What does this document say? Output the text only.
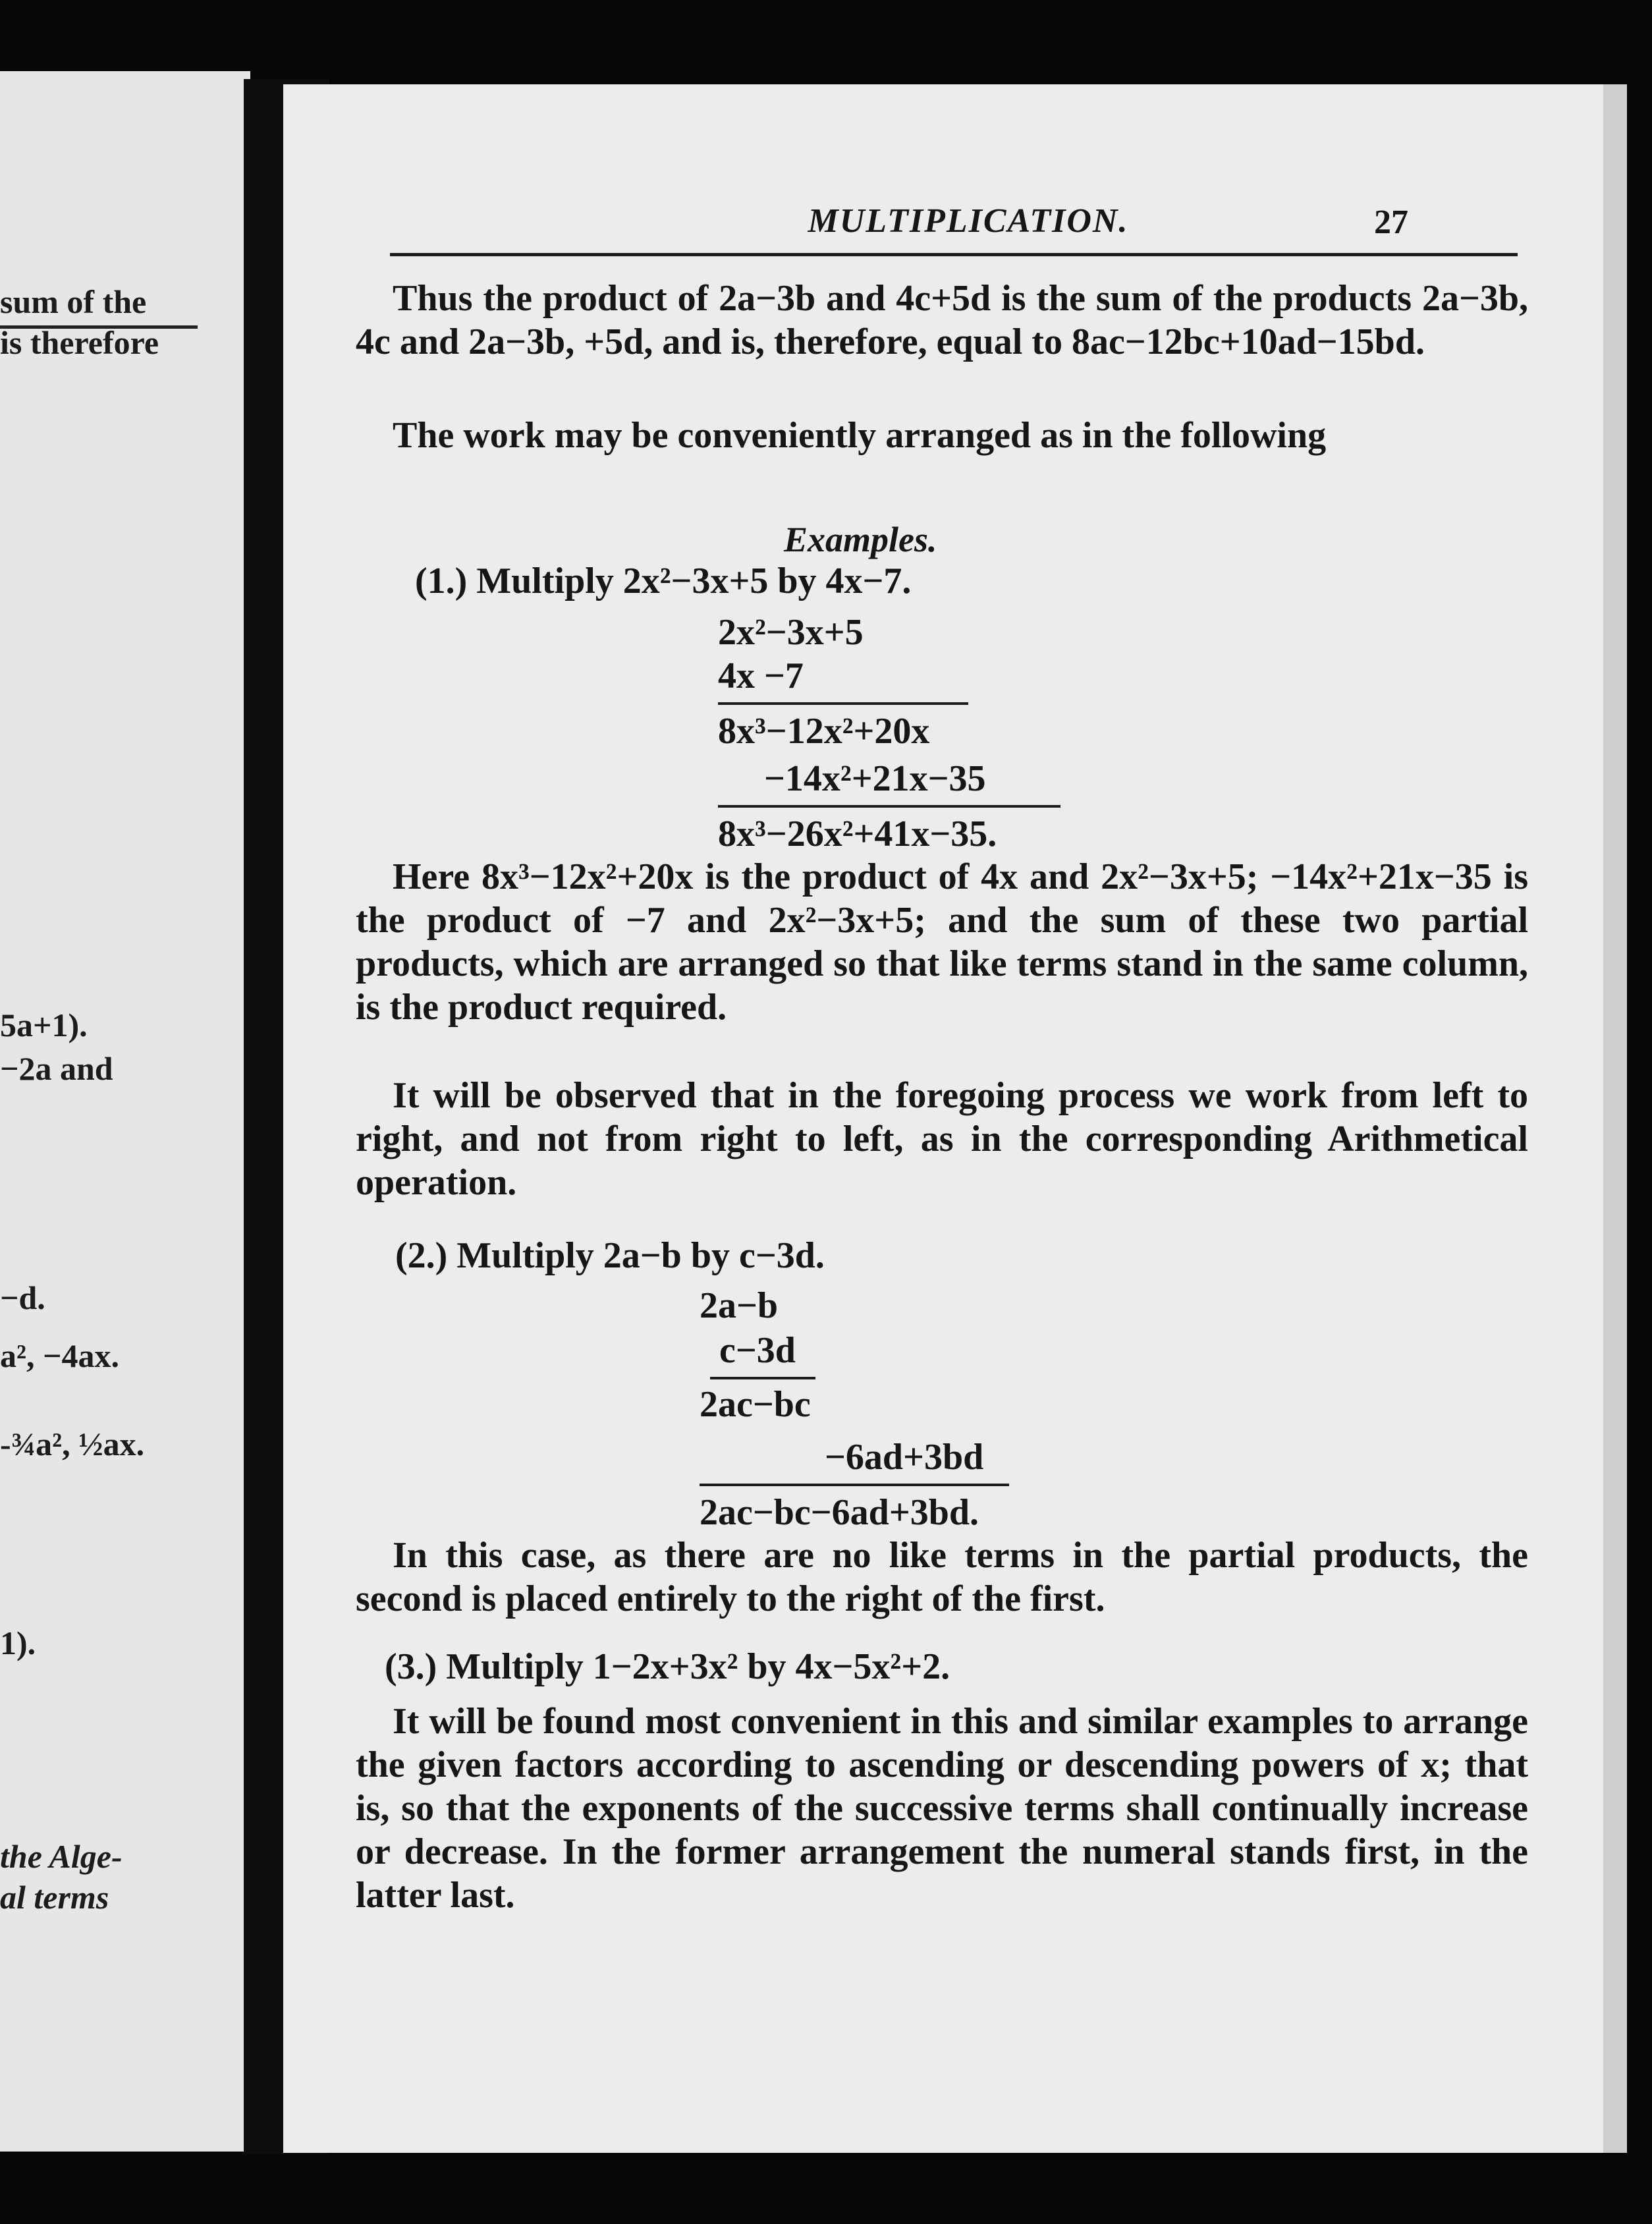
sum of the
is therefore
5a+1).
−2a and
−d.
a², −4ax.
-¾a², ½ax.
1).
the Alge-
al terms
MULTIPLICATION.	27

Thus the product of 2a−3b and 4c+5d is the sum of the products 2a−3b, 4c and 2a−3b, +5d, and is, therefore, equal to 8ac−12bc+10ad−15bd.

The work may be conveniently arranged as in the following

Examples.
(1.) Multiply 2x²−3x+5 by 4x−7.
2x²−3x+5
4x −7
8x³−12x²+20x
−14x²+21x−35
8x³−26x²+41x−35.

Here 8x³−12x²+20x is the product of 4x and 2x²−3x+5; −14x²+21x−35 is the product of −7 and 2x²−3x+5; and the sum of these two partial products, which are arranged so that like terms stand in the same column, is the product required.

It will be observed that in the foregoing process we work from left to right, and not from right to left, as in the corresponding Arithmetical operation.

(2.) Multiply 2a−b by c−3d.
2a−b
c−3d
2ac−bc
−6ad+3bd
2ac−bc−6ad+3bd.

In this case, as there are no like terms in the partial products, the second is placed entirely to the right of the first.

(3.) Multiply 1−2x+3x² by 4x−5x²+2.

It will be found most convenient in this and similar examples to arrange the given factors according to ascending or descending powers of x; that is, so that the exponents of the successive terms shall continually increase or decrease. In the former arrangement the numeral stands first, in the latter last.
